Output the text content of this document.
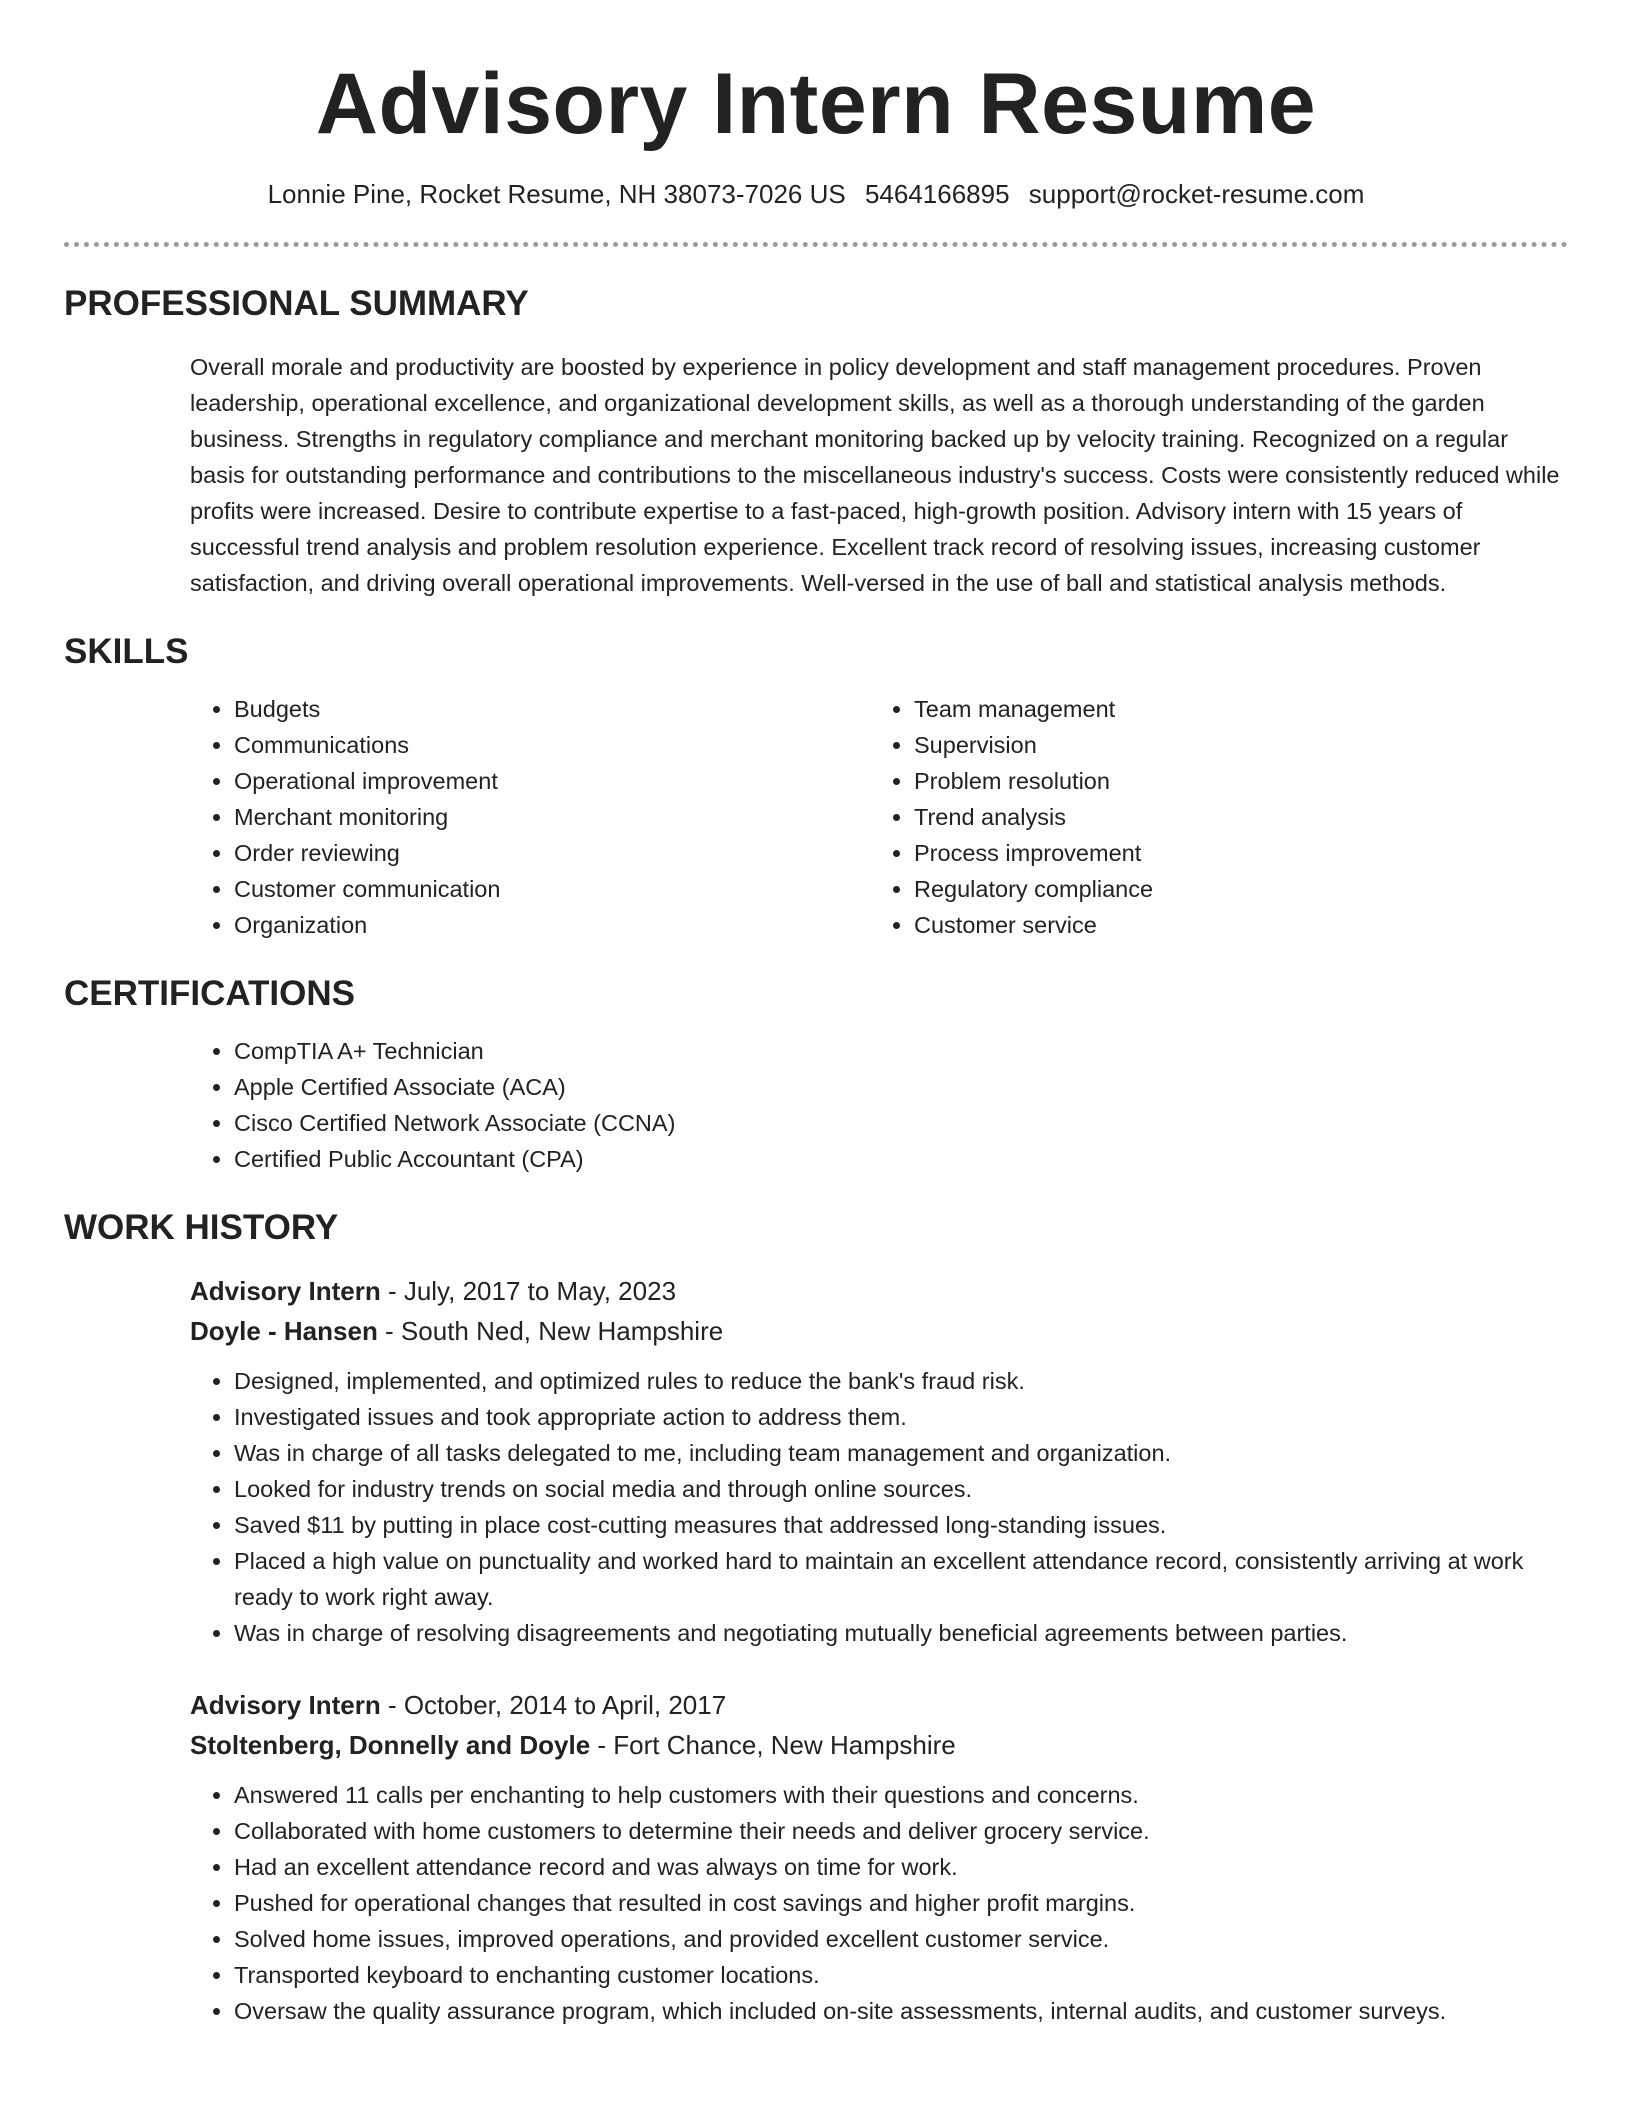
Advisory Intern Resume
Lonnie Pine, Rocket Resume, NH 38073-7026 US 5464166895 support@rocket-resume.com
PROFESSIONAL SUMMARY

Overall morale and productivity are boosted by experience in policy development and staff management procedures. Proven leadership, operational excellence, and organizational development skills, as well as a thorough understanding of the garden business. Strengths in regulatory compliance and merchant monitoring backed up by velocity training. Recognized on a regular basis for outstanding performance and contributions to the miscellaneous industry's success. Costs were consistently reduced while profits were increased. Desire to contribute expertise to a fast-paced, high-growth position. Advisory intern with 15 years of successful trend analysis and problem resolution experience. Excellent track record of resolving issues, increasing customer satisfaction, and driving overall operational improvements. Well-versed in the use of ball and statistical analysis methods.

SKILLS
• Budgets
• Communications
• Operational improvement
• Merchant monitoring
• Order reviewing
• Customer communication
• Organization
• Team management
• Supervision
• Problem resolution
• Trend analysis
• Process improvement
• Regulatory compliance
• Customer service
CERTIFICATIONS
• CompTIA A+ Technician
• Apple Certified Associate (ACA)
• Cisco Certified Network Associate (CCNA)
• Certified Public Accountant (CPA)
WORK HISTORY
Advisory Intern - July, 2017 to May, 2023
Doyle - Hansen - South Ned, New Hampshire
• Designed, implemented, and optimized rules to reduce the bank's fraud risk.
• Investigated issues and took appropriate action to address them.
• Was in charge of all tasks delegated to me, including team management and organization.
• Looked for industry trends on social media and through online sources.
• Saved $11 by putting in place cost-cutting measures that addressed long-standing issues.
• Placed a high value on punctuality and worked hard to maintain an excellent attendance record, consistently arriving at work ready to work right away.
• Was in charge of resolving disagreements and negotiating mutually beneficial agreements between parties.
Advisory Intern - October, 2014 to April, 2017
Stoltenberg, Donnelly and Doyle - Fort Chance, New Hampshire
• Answered 11 calls per enchanting to help customers with their questions and concerns.
• Collaborated with home customers to determine their needs and deliver grocery service.
• Had an excellent attendance record and was always on time for work.
• Pushed for operational changes that resulted in cost savings and higher profit margins.
• Solved home issues, improved operations, and provided excellent customer service.
• Transported keyboard to enchanting customer locations.
• Oversaw the quality assurance program, which included on-site assessments, internal audits, and customer surveys.
